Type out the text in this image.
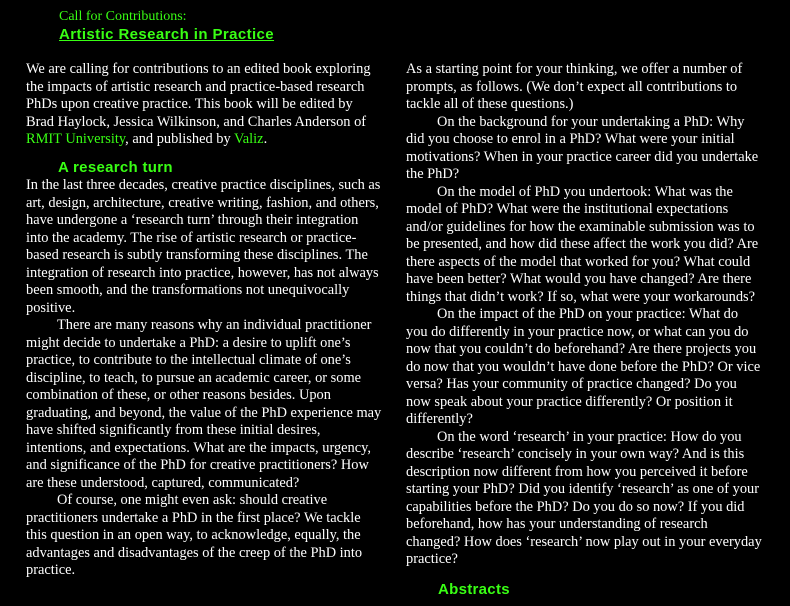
Call for Contributions:
Artistic Research in Practice

We are calling for contributions to an edited book exploring the impacts of artistic research and practice-based research PhDs upon creative practice. This book will be edited by Brad Haylock, Jessica Wilkinson, and Charles Anderson of RMIT University, and published by Valiz.

A research turn

In the last three decades, creative practice disciplines, such as art, design, architecture, creative writing, fashion, and others, have undergone a ‘research turn’ through their integration into the academy. The rise of artistic research or practice-based research is subtly transforming these disciplines. The integration of research into practice, however, has not always been smooth, and the transformations not unequivocally positive.

There are many reasons why an individual practitioner might decide to undertake a PhD: a desire to uplift one’s practice, to contribute to the intellectual climate of one’s discipline, to teach, to pursue an academic career, or some combination of these, or other reasons besides. Upon graduating, and beyond, the value of the PhD experience may have shifted significantly from these initial desires, intentions, and expectations. What are the impacts, urgency, and significance of the PhD for creative practitioners? How are these understood, captured, communicated?

Of course, one might even ask: should creative practitioners undertake a PhD in the first place? We tackle this question in an open way, to acknowledge, equally, the advantages and disadvantages of the creep of the PhD into practice.

As a starting point for your thinking, we offer a number of prompts, as follows. (We don’t expect all contributions to tackle all of these questions.)

On the background for your undertaking a PhD: Why did you choose to enrol in a PhD? What were your initial motivations? When in your practice career did you undertake the PhD?

On the model of PhD you undertook: What was the model of PhD? What were the institutional expectations and/or guidelines for how the examinable submission was to be presented, and how did these affect the work you did? Are there aspects of the model that worked for you? What could have been better? What would you have changed? Are there things that didn’t work? If so, what were your workarounds?

On the impact of the PhD on your practice: What do you do differently in your practice now, or what can you do now that you couldn’t do beforehand? Are there projects you do now that you wouldn’t have done before the PhD? Or vice versa? Has your community of practice changed? Do you now speak about your practice differently? Or position it differently?

On the word ‘research’ in your practice: How do you describe ‘research’ concisely in your own way? And is this description now different from how you perceived it before starting your PhD? Did you identify ‘research’ as one of your capabilities before the PhD? Do you do so now? If you did beforehand, how has your understanding of research changed? How does ‘research’ now play out in your everyday practice?

Abstracts
